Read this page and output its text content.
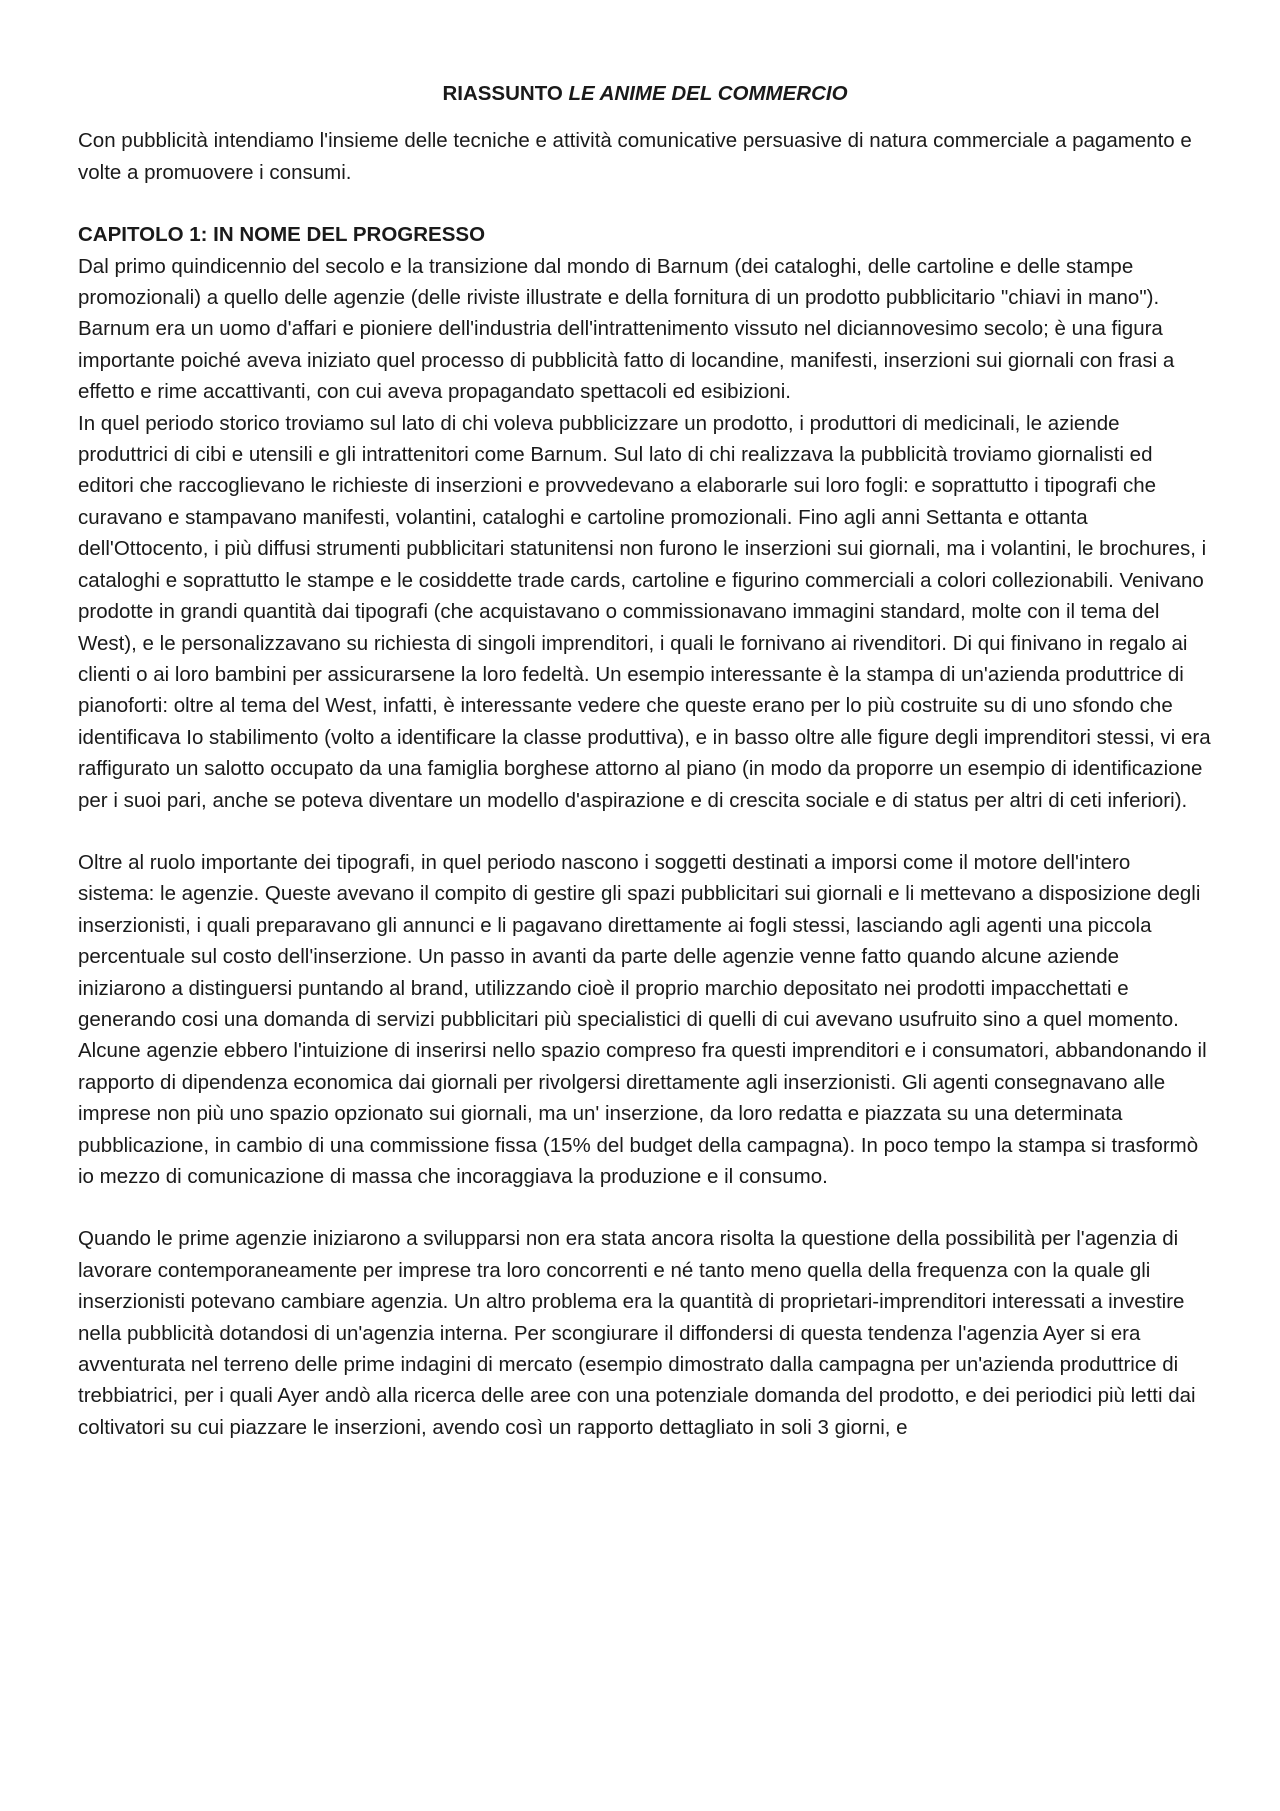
RIASSUNTO LE ANIME DEL COMMERCIO

Con pubblicità intendiamo l'insieme delle tecniche e attività comunicative persuasive di natura commerciale a pagamento e volte a promuovere i consumi.

CAPITOLO 1: IN NOME DEL PROGRESSO

Dal primo quindicennio del secolo e la transizione dal mondo di Barnum (dei cataloghi, delle cartoline e delle stampe promozionali) a quello delle agenzie (delle riviste illustrate e della fornitura di un prodotto pubblicitario "chiavi in mano").

Barnum era un uomo d'affari e pioniere dell'industria dell'intrattenimento vissuto nel diciannovesimo secolo; è una figura importante poiché aveva iniziato quel processo di pubblicità fatto di locandine, manifesti, inserzioni sui giornali con frasi a effetto e rime accattivanti, con cui aveva propagandato spettacoli ed esibizioni.

In quel periodo storico troviamo sul lato di chi voleva pubblicizzare un prodotto, i produttori di medicinali, le aziende produttrici di cibi e utensili e gli intrattenitori come Barnum. Sul lato di chi realizzava la pubblicità troviamo giornalisti ed editori che raccoglievano le richieste di inserzioni e provvedevano a elaborarle sui loro fogli: e soprattutto i tipografi che curavano e stampavano manifesti, volantini, cataloghi e cartoline promozionali. Fino agli anni Settanta e ottanta dell'Ottocento, i più diffusi strumenti pubblicitari statunitensi non furono le inserzioni sui giornali, ma i volantini, le brochures, i cataloghi e soprattutto le stampe e le cosiddette trade cards, cartoline e figurino commerciali a colori collezionabili. Venivano prodotte in grandi quantità dai tipografi (che acquistavano o commissionavano immagini standard, molte con il tema del West), e le personalizzavano su richiesta di singoli imprenditori, i quali le fornivano ai rivenditori. Di qui finivano in regalo ai clienti o ai loro bambini per assicurarsene la loro fedeltà. Un esempio interessante è la stampa di un'azienda produttrice di pianoforti: oltre al tema del West, infatti, è interessante vedere che queste erano per lo più costruite su di uno sfondo che identificava Io stabilimento (volto a identificare la classe produttiva), e in basso oltre alle figure degli imprenditori stessi, vi era raffigurato un salotto occupato da una famiglia borghese attorno al piano (in modo da proporre un esempio di identificazione per i suoi pari, anche se poteva diventare un modello d'aspirazione e di crescita sociale e di status per altri di ceti inferiori).

Oltre al ruolo importante dei tipografi, in quel periodo nascono i soggetti destinati a imporsi come il motore dell'intero sistema: le agenzie. Queste avevano il compito di gestire gli spazi pubblicitari sui giornali e li mettevano a disposizione degli inserzionisti, i quali preparavano gli annunci e li pagavano direttamente ai fogli stessi, lasciando agli agenti una piccola percentuale sul costo dell'inserzione. Un passo in avanti da parte delle agenzie venne fatto quando alcune aziende iniziarono a distinguersi puntando al brand, utilizzando cioè il proprio marchio depositato nei prodotti impacchettati e generando cosi una domanda di servizi pubblicitari più specialistici di quelli di cui avevano usufruito sino a quel momento. Alcune agenzie ebbero l'intuizione di inserirsi nello spazio compreso fra questi imprenditori e i consumatori, abbandonando il rapporto di dipendenza economica dai giornali per rivolgersi direttamente agli inserzionisti. Gli agenti consegnavano alle imprese non più uno spazio opzionato sui giornali, ma un' inserzione, da loro redatta e piazzata su una determinata pubblicazione, in cambio di una commissione fissa (15% del budget della campagna). In poco tempo la stampa si trasformò io mezzo di comunicazione di massa che incoraggiava la produzione e il consumo.

Quando le prime agenzie iniziarono a svilupparsi non era stata ancora risolta la questione della possibilità per l'agenzia di lavorare contemporaneamente per imprese tra loro concorrenti e né tanto meno quella della frequenza con la quale gli inserzionisti potevano cambiare agenzia. Un altro problema era la quantità di proprietari-imprenditori interessati a investire nella pubblicità dotandosi di un'agenzia interna. Per scongiurare il diffondersi di questa tendenza l'agenzia Ayer si era avventurata nel terreno delle prime indagini di mercato (esempio dimostrato dalla campagna per un'azienda produttrice di trebbiatrici, per i quali Ayer andò alla ricerca delle aree con una potenziale domanda del prodotto, e dei periodici più letti dai coltivatori su cui piazzare le inserzioni, avendo così un rapporto dettagliato in soli 3 giorni, e
